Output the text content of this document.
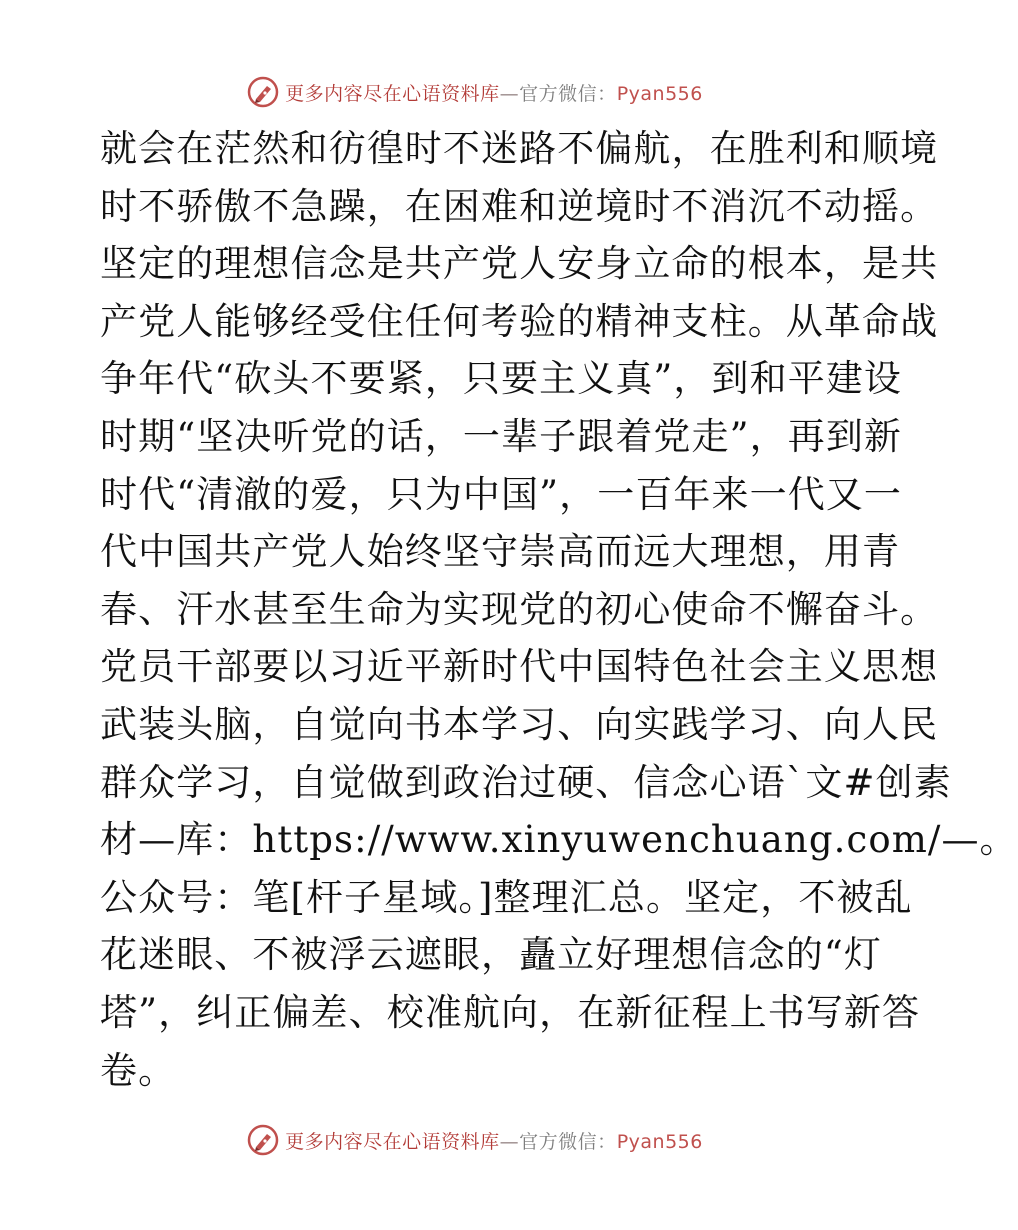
更多内容尽在心语资料库—官方微信：Pyan556
就会在茫然和彷徨时不迷路不偏航，在胜利和顺境
时不骄傲不急躁，在困难和逆境时不消沉不动摇。
坚定的理想信念是共产党人安身立命的根本，是共
产党人能够经受住任何考验的精神支柱。从革命战
争年代“砍头不要紧，只要主义真”，到和平建设
时期“坚决听党的话，一辈子跟着党走”，再到新
时代“清澈的爱，只为中国”，一百年来一代又一
代中国共产党人始终坚守崇高而远大理想，用青
春、汗水甚至生命为实现党的初心使命不懈奋斗。
党员干部要以习近平新时代中国特色社会主义思想
武装头脑，自觉向书本学习、向实践学习、向人民
群众学习，自觉做到政治过硬、信念心语`文#创素
材—库：https://www.xinyuwenchuang.com/—。
公众号：笔[杆子星域。]整理汇总。坚定，不被乱
花迷眼、不被浮云遮眼，矗立好理想信念的“灯
塔”，纠正偏差、校准航向，在新征程上书写新答
卷。
更多内容尽在心语资料库—官方微信：Pyan556
